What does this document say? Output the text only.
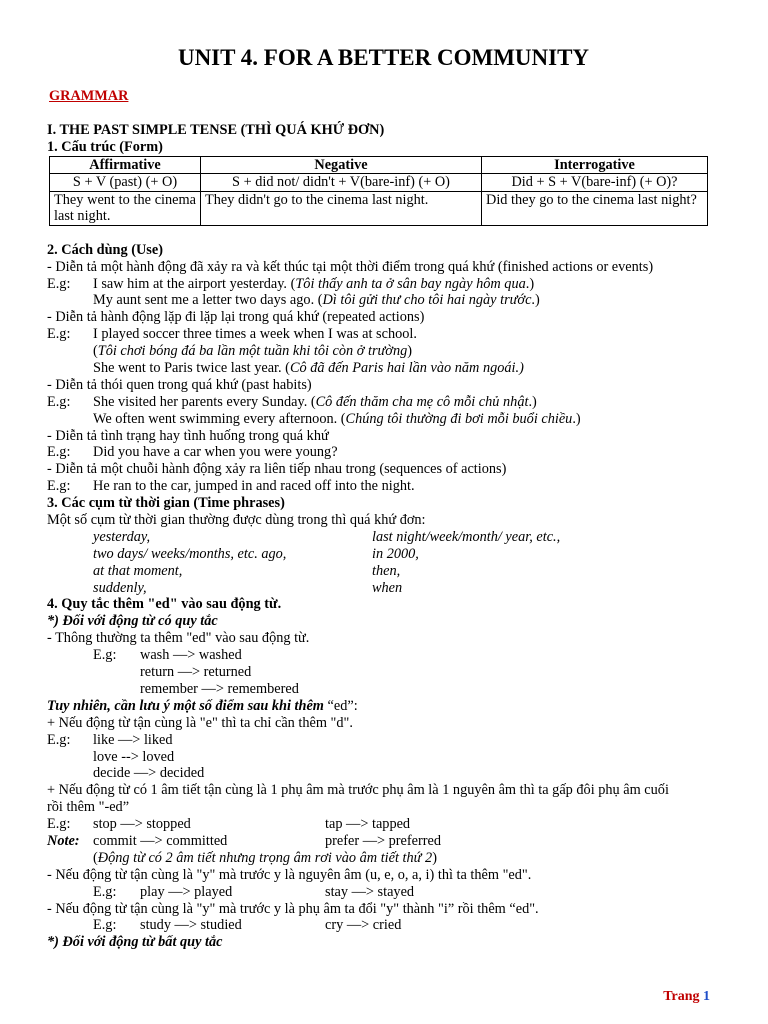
UNIT 4. FOR A BETTER COMMUNITY
GRAMMAR
I. THE PAST SIMPLE TENSE (THÌ QUÁ KHỨ ĐƠN)
1. Cấu trúc (Form)
Affirmative	Negative	Interrogative
S + V (past) (+ O)	S + did not/ didn't + V(bare-inf) (+ O)	Did + S + V(bare-inf) (+ O)?
They went to the cinema last night.	They didn't go to the cinema last night.	Did they go to the cinema last night?
2. Cách dùng (Use)
- Diễn tả một hành động đã xảy ra và kết thúc tại một thời điểm trong quá khứ (finished actions or events)
E.g: I saw him at the airport yesterday. (Tôi thấy anh ta ở sân bay ngày hôm qua.)
My aunt sent me a letter two days ago. (Dì tôi gửi thư cho tôi hai ngày trước.)
- Diễn tả hành động lặp đi lặp lại trong quá khứ (repeated actions)
E.g: I played soccer three times a week when I was at school.
(Tôi chơi bóng đá ba lần một tuần khi tôi còn ở trường)
She went to Paris twice last year. (Cô đã đến Paris hai lần vào năm ngoái.)
- Diễn tả thói quen trong quá khứ (past habits)
E.g: She visited her parents every Sunday. (Cô đến thăm cha mẹ cô mỗi chủ nhật.)
We often went swimming every afternoon. (Chúng tôi thường đi bơi mỗi buổi chiều.)
- Diễn tả tình trạng hay tình huống trong quá khứ
E.g: Did you have a car when you were young?
- Diễn tả một chuỗi hành động xảy ra liên tiếp nhau trong (sequences of actions)
E.g: He ran to the car, jumped in and raced off into the night.
3. Các cụm từ thời gian (Time phrases)
Một số cụm từ thời gian thường được dùng trong thì quá khứ đơn:
yesterday,	last night/week/month/ year, etc.,
two days/ weeks/months, etc. ago,	in 2000,
at that moment,	then,
suddenly,	when
4. Quy tắc thêm "ed" vào sau động từ.
*) Đối với động từ có quy tắc
- Thông thường ta thêm "ed" vào sau động từ.
E.g: wash —> washed
return —> returned
remember —> remembered
Tuy nhiên, cần lưu ý một số điểm sau khi thêm “ed”:
+ Nếu động từ tận cùng là "e" thì ta chỉ cần thêm "d".
E.g: like —> liked
love --> loved
decide —> decided
+ Nếu động từ có 1 âm tiết tận cùng là 1 phụ âm mà trước phụ âm là 1 nguyên âm thì ta gấp đôi phụ âm cuối
rồi thêm "-ed”
E.g: stop —> stopped	tap —> tapped
Note: commit —> committed	prefer —> preferred
(Động từ có 2 âm tiết nhưng trọng âm rơi vào âm tiết thứ 2)
- Nếu động từ tận cùng là "y" mà trước y là nguyên âm (u, e, o, a, i) thì ta thêm "ed".
E.g: play —> played	stay —> stayed
- Nếu động từ tận cùng là "y" mà trước y là phụ âm ta đổi "y" thành "i” rồi thêm “ed".
E.g: study —> studied	cry —> cried
*) Đối với động từ bất quy tắc
Trang 1
